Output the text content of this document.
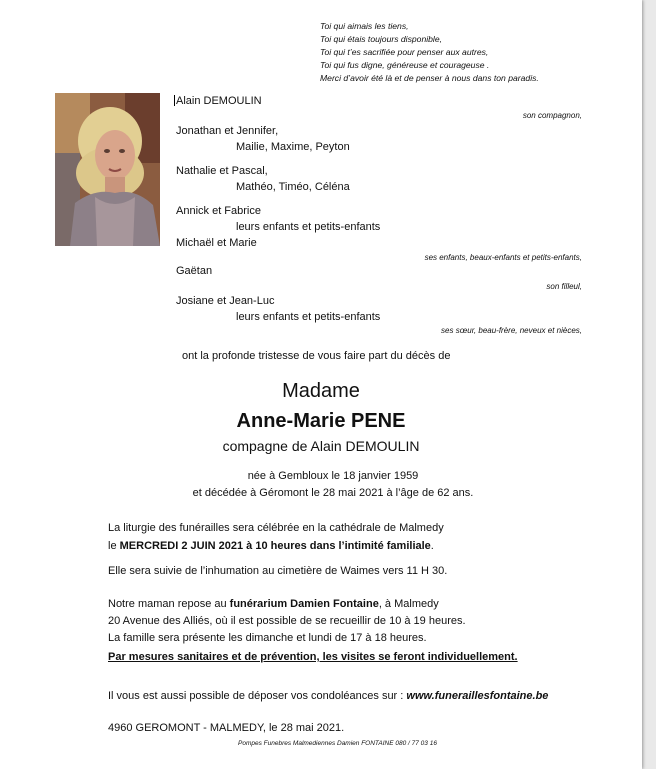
Toi qui aimais les tiens,
Toi qui étais toujours disponible,
Toi qui t’es sacrifiée pour penser aux autres,
Toi qui fus digne, généreuse et courageuse .
Merci d’avoir été là et de penser à nous dans ton paradis.
Alain DEMOULIN
son compagnon,
Jonathan et Jennifer,
Mailie, Maxime, Peyton
Nathalie et Pascal,
Mathéo, Timéo, Céléna
Annick et Fabrice
leurs enfants et petits-enfants
Michaël et Marie
ses enfants, beaux-enfants et petits-enfants,
Gaëtan
son filleul,
Josiane et Jean-Luc
leurs enfants et petits-enfants
ses sœur, beau-frère, neveux et nièces,
ont la profonde tristesse de vous faire part du décès de
Madame
Anne-Marie PENE
compagne de Alain DEMOULIN
née à Gembloux le 18 janvier 1959
et décédée à Géromont le 28 mai 2021 à l’âge de 62 ans.
La liturgie des funérailles sera célébrée en la cathédrale de Malmedy
le MERCREDI 2 JUIN 2021 à 10 heures dans l’intimité familiale.
Elle sera suivie de l’inhumation au cimetière de Waimes vers 11 H 30.
Notre maman repose au funérarium Damien Fontaine, à Malmedy
20 Avenue des Alliés, où il est possible de se recueillir de 10 à 19 heures.
La famille sera présente les dimanche et lundi de 17 à 18 heures.
Par mesures sanitaires et de prévention, les visites se feront individuellement.
Il vous est aussi possible de déposer vos condoléances sur : www.funeraillesfontaine.be
4960 GEROMONT - MALMEDY, le 28 mai 2021.
Pompes Funebres Malmediennes Damien FONTAINE 080 / 77 03 16
